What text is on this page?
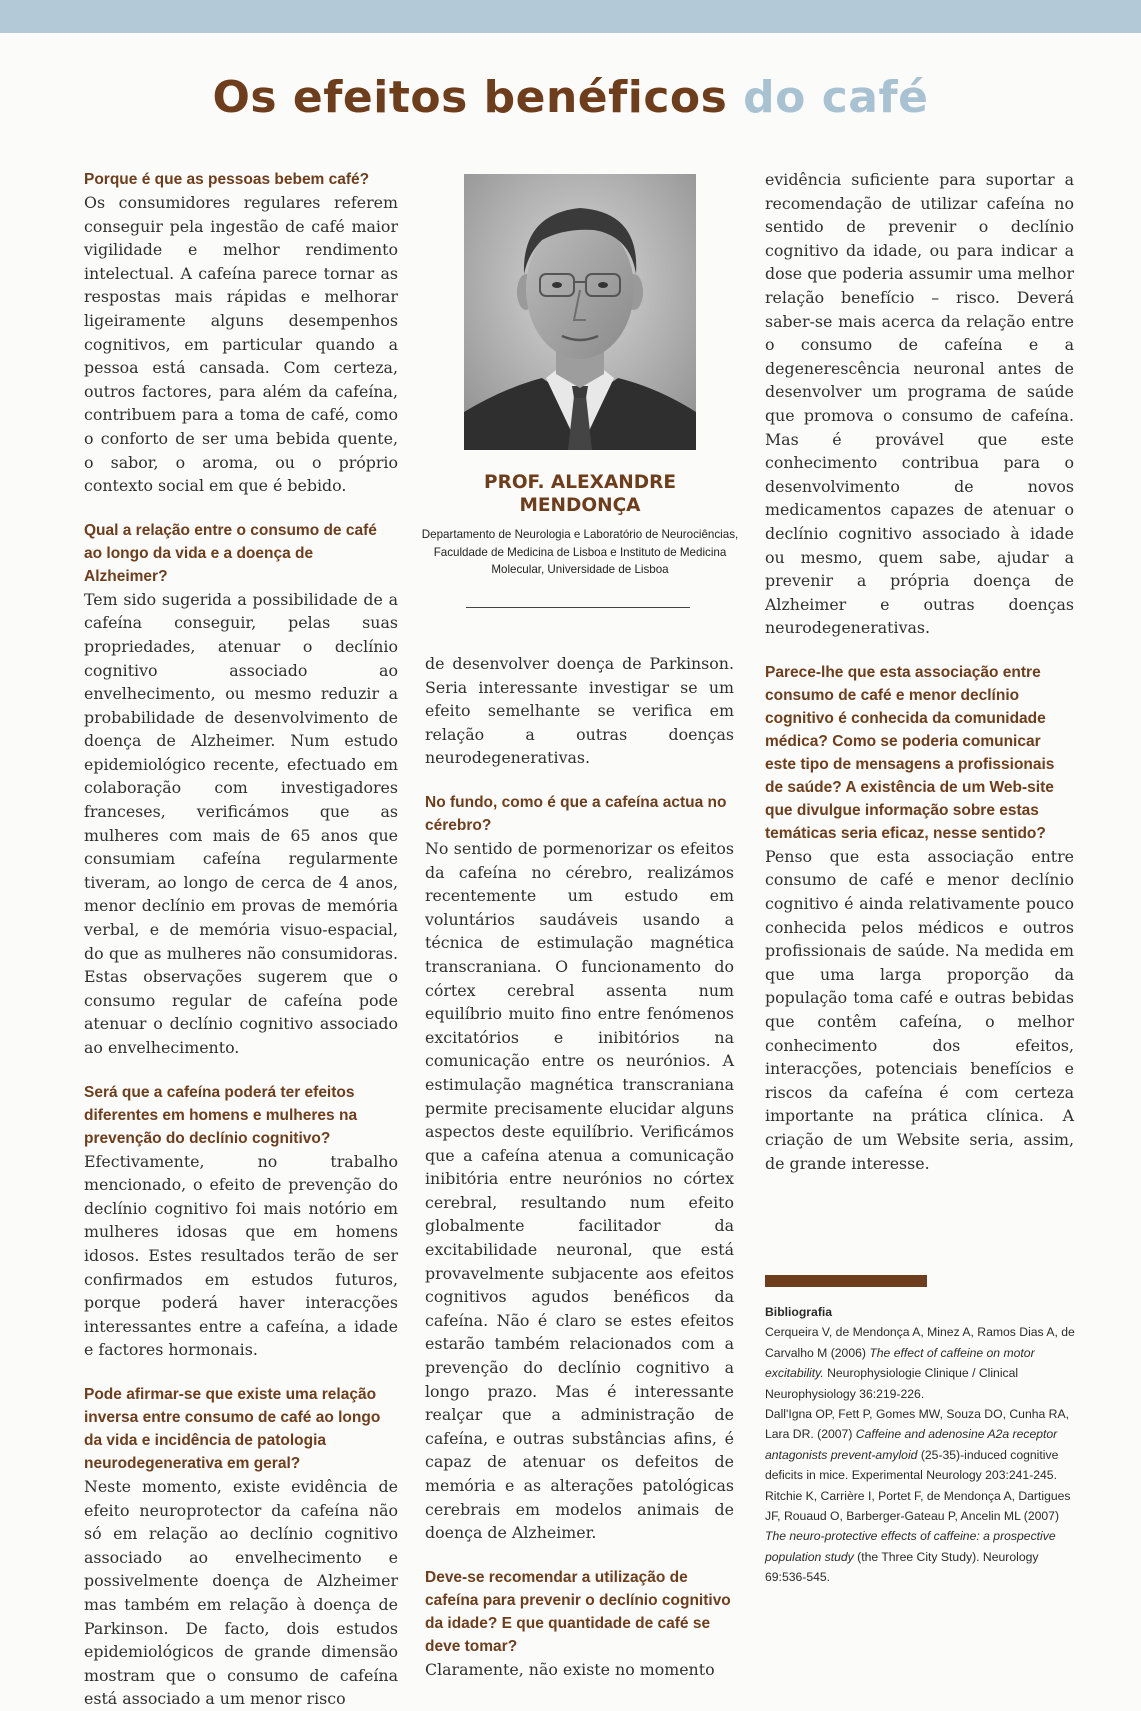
Os efeitos benéficos do café
Porque é que as pessoas bebem café?
Os consumidores regulares referem conseguir pela ingestão de café maior vigilidade e melhor rendimento intelectual. A cafeína parece tornar as respostas mais rápidas e melhorar ligeiramente alguns desempenhos cognitivos, em particular quando a pessoa está cansada. Com certeza, outros factores, para além da cafeína, contribuem para a toma de café, como o conforto de ser uma bebida quente, o sabor, o aroma, ou o próprio contexto social em que é bebido.
Qual a relação entre o consumo de café ao longo da vida e a doença de Alzheimer?
Tem sido sugerida a possibilidade de a cafeína conseguir, pelas suas propriedades, atenuar o declínio cognitivo associado ao envelhecimento, ou mesmo reduzir a probabilidade de desenvolvimento de doença de Alzheimer. Num estudo epidemiológico recente, efectuado em colaboração com investigadores franceses, verificámos que as mulheres com mais de 65 anos que consumiam cafeína regularmente tiveram, ao longo de cerca de 4 anos, menor declínio em provas de memória verbal, e de memória visuo-espacial, do que as mulheres não consumidoras. Estas observações sugerem que o consumo regular de cafeína pode atenuar o declínio cognitivo associado ao envelhecimento.
Será que a cafeína poderá ter efeitos diferentes em homens e mulheres na prevenção do declínio cognitivo?
Efectivamente, no trabalho mencionado, o efeito de prevenção do declínio cognitivo foi mais notório em mulheres idosas que em homens idosos. Estes resultados terão de ser confirmados em estudos futuros, porque poderá haver interacções interessantes entre a cafeína, a idade e factores hormonais.
Pode afirmar-se que existe uma relação inversa entre consumo de café ao longo da vida e incidência de patologia neurodegenerativa em geral?
Neste momento, existe evidência de efeito neuroprotector da cafeína não só em relação ao declínio cognitivo associado ao envelhecimento e possivelmente doença de Alzheimer mas também em relação à doença de Parkinson. De facto, dois estudos epidemiológicos de grande dimensão mostram que o consumo de cafeína está associado a um menor risco
PROF. ALEXANDRE MENDONÇA
Departamento de Neurologia e Laboratório de Neurociências, Faculdade de Medicina de Lisboa e Instituto de Medicina Molecular, Universidade de Lisboa
de desenvolver doença de Parkinson. Seria interessante investigar se um efeito semelhante se verifica em relação a outras doenças neurodegenerativas.
No fundo, como é que a cafeína actua no cérebro?
No sentido de pormenorizar os efeitos da cafeína no cérebro, realizámos recentemente um estudo em voluntários saudáveis usando a técnica de estimulação magnética transcraniana. O funcionamento do córtex cerebral assenta num equilíbrio muito fino entre fenómenos excitatórios e inibitórios na comunicação entre os neurónios. A estimulação magnética transcraniana permite precisamente elucidar alguns aspectos deste equilíbrio. Verificámos que a cafeína atenua a comunicação inibitória entre neurónios no córtex cerebral, resultando num efeito globalmente facilitador da excitabilidade neuronal, que está provavelmente subjacente aos efeitos cognitivos agudos benéficos da cafeína. Não é claro se estes efeitos estarão também relacionados com a prevenção do declínio cognitivo a longo prazo. Mas é interessante realçar que a administração de cafeína, e outras substâncias afins, é capaz de atenuar os defeitos de memória e as alterações patológicas cerebrais em modelos animais de doença de Alzheimer.
Deve-se recomendar a utilização de cafeína para prevenir o declínio cognitivo da idade? E que quantidade de café se deve tomar?
Claramente, não existe no momento
evidência suficiente para suportar a recomendação de utilizar cafeína no sentido de prevenir o declínio cognitivo da idade, ou para indicar a dose que poderia assumir uma melhor relação benefício – risco. Deverá saber-se mais acerca da relação entre o consumo de cafeína e a degenerescência neuronal antes de desenvolver um programa de saúde que promova o consumo de cafeína. Mas é provável que este conhecimento contribua para o desenvolvimento de novos medicamentos capazes de atenuar o declínio cognitivo associado à idade ou mesmo, quem sabe, ajudar a prevenir a própria doença de Alzheimer e outras doenças neurodegenerativas.
Parece-lhe que esta associação entre consumo de café e menor declínio cognitivo é conhecida da comunidade médica? Como se poderia comunicar este tipo de mensagens a profissionais de saúde? A existência de um Web-site que divulgue informação sobre estas temáticas seria eficaz, nesse sentido?
Penso que esta associação entre consumo de café e menor declínio cognitivo é ainda relativamente pouco conhecida pelos médicos e outros profissionais de saúde. Na medida em que uma larga proporção da população toma café e outras bebidas que contêm cafeína, o melhor conhecimento dos efeitos, interacções, potenciais benefícios e riscos da cafeína é com certeza importante na prática clínica. A criação de um Website seria, assim, de grande interesse.
Bibliografia
Cerqueira V, de Mendonça A, Minez A, Ramos Dias A, de Carvalho M (2006) The effect of caffeine on motor excitability. Neurophysiologie Clinique / Clinical Neurophysiology 36:219-226.
Dall'Igna OP, Fett P, Gomes MW, Souza DO, Cunha RA, Lara DR. (2007) Caffeine and adenosine A2a receptor antagonists prevent-amyloid (25-35)-induced cognitive deficits in mice. Experimental Neurology 203:241-245.
Ritchie K, Carrière I, Portet F, de Mendonça A, Dartigues JF, Rouaud O, Barberger-Gateau P, Ancelin ML (2007) The neuro-protective effects of caffeine: a prospective population study (the Three City Study). Neurology 69:536-545.
